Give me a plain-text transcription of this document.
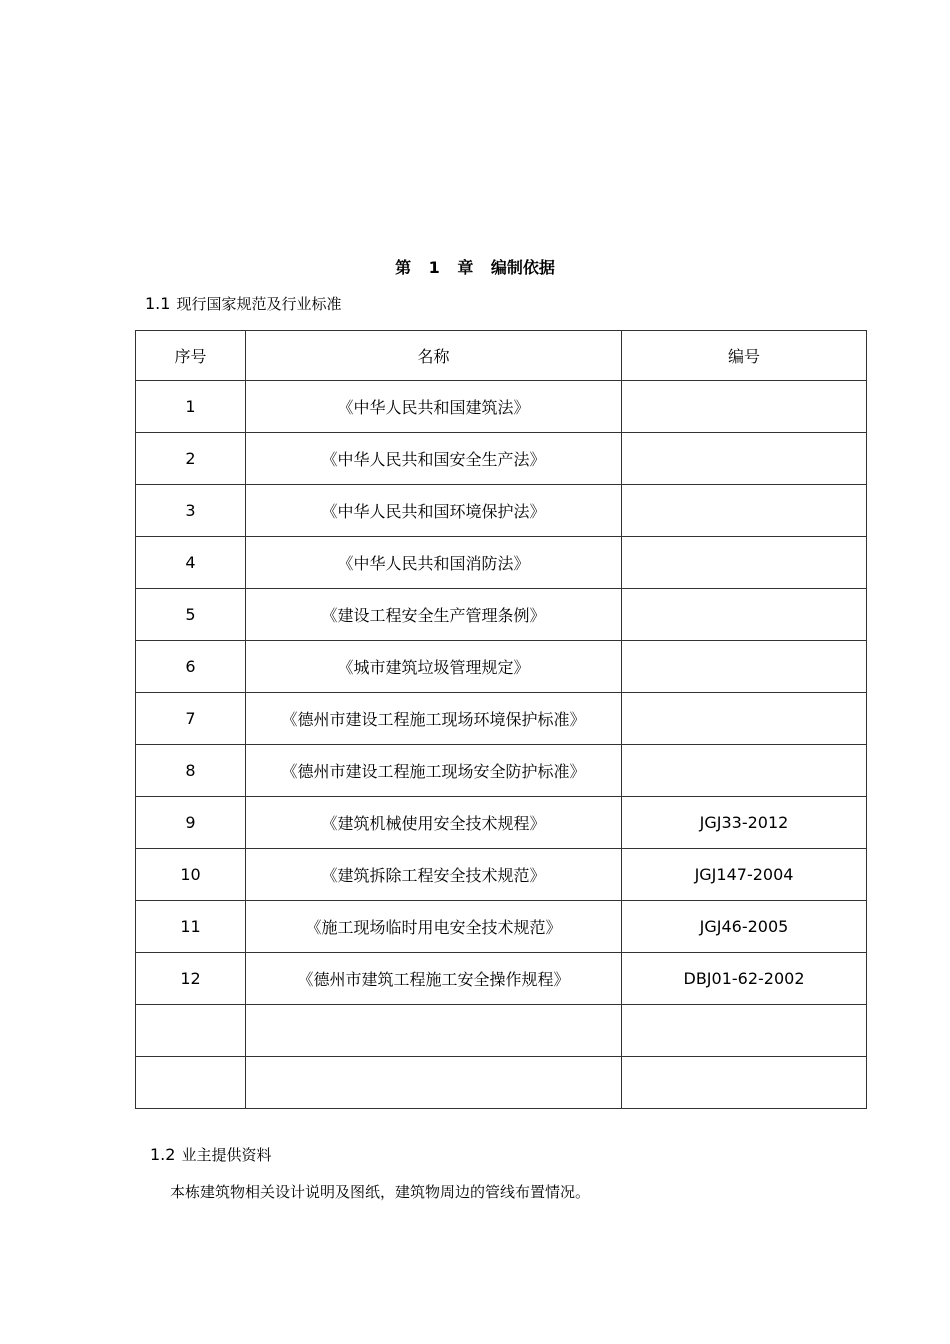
第 1 章 编制依据
1.1 现行国家规范及行业标准
序号	名称	编号
1	《中华人民共和国建筑法》	
2	《中华人民共和国安全生产法》	
3	《中华人民共和国环境保护法》	
4	《中华人民共和国消防法》	
5	《建设工程安全生产管理条例》	
6	《城市建筑垃圾管理规定》	
7	《德州市建设工程施工现场环境保护标准》	
8	《德州市建设工程施工现场安全防护标准》	
9	《建筑机械使用安全技术规程》	JGJ33-2012
10	《建筑拆除工程安全技术规范》	JGJ147-2004
11	《施工现场临时用电安全技术规范》	JGJ46-2005
12	《德州市建筑工程施工安全操作规程》	DBJ01-62-2002

1.2 业主提供资料
本栋建筑物相关设计说明及图纸，建筑物周边的管线布置情况。
